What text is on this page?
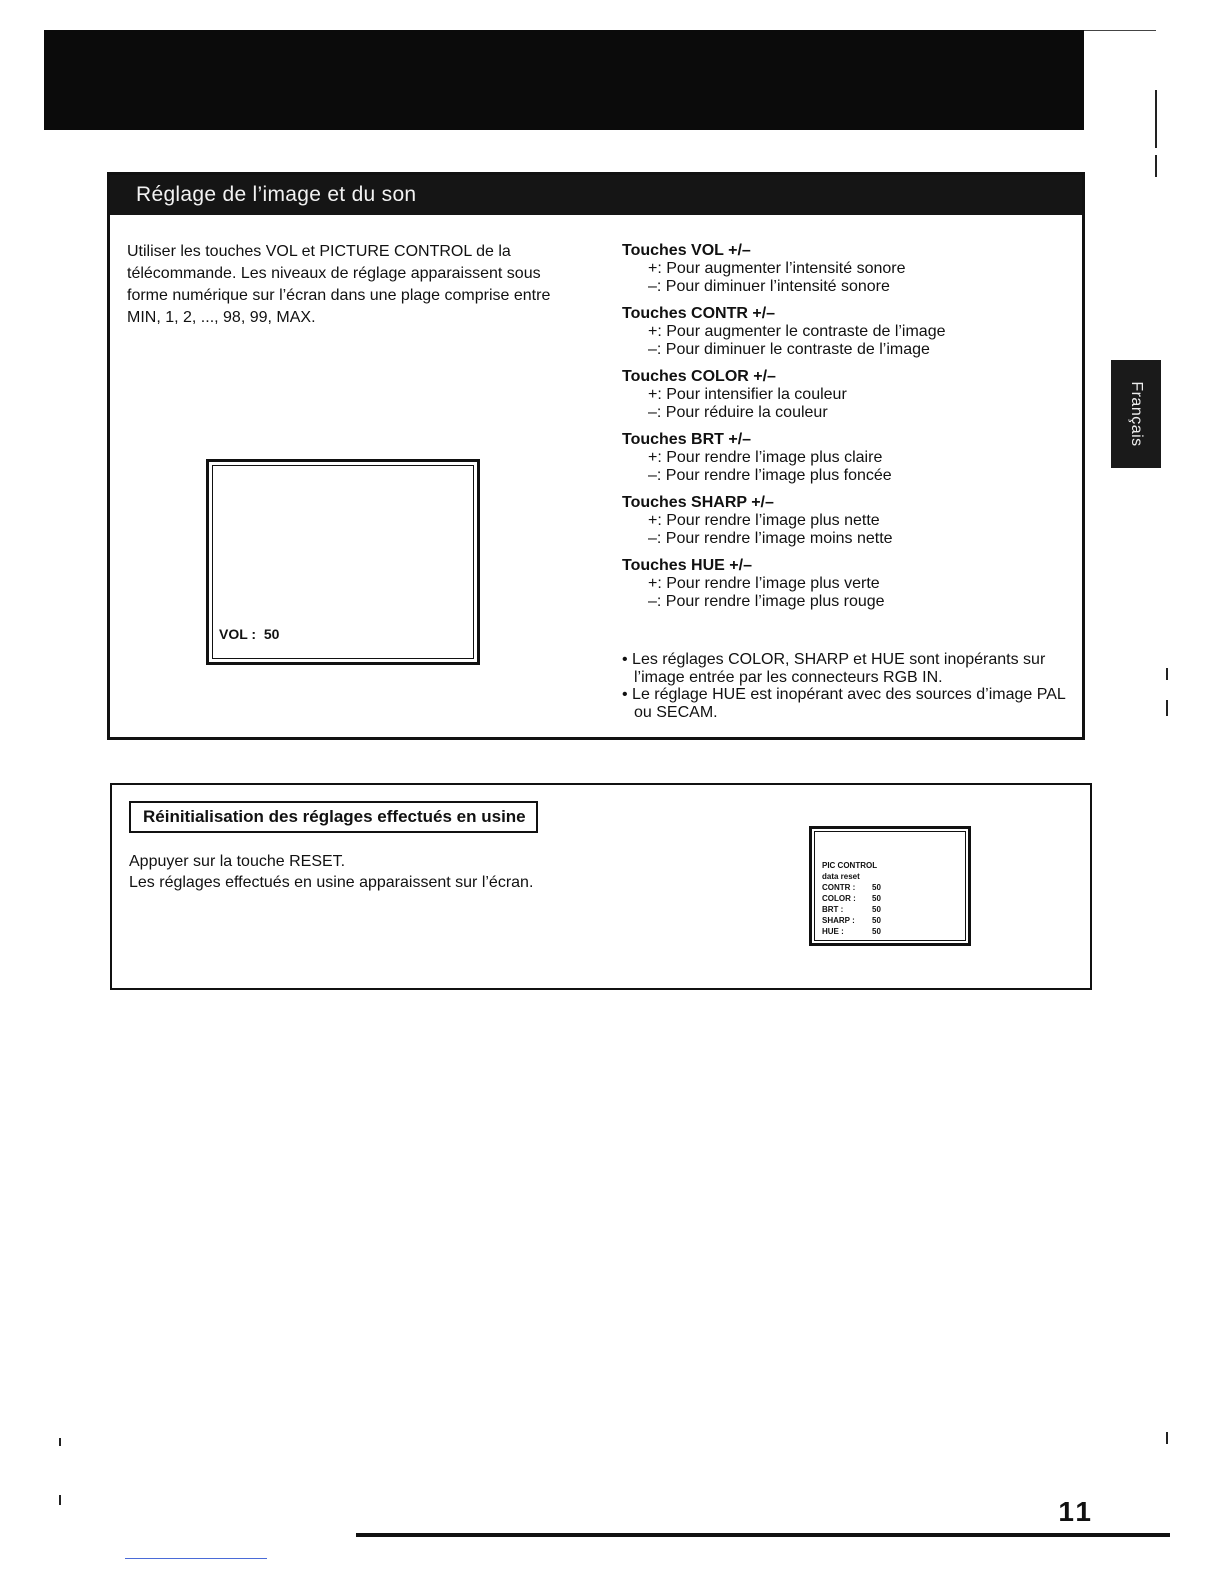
Réglage de l’image et du son

Utiliser les touches VOL et PICTURE CONTROL de la télécommande. Les niveaux de réglage apparaissent sous forme numérique sur l’écran dans une plage comprise entre MIN, 1, 2, ..., 98, 99, MAX.

VOL :  50
Touches VOL +/–
+: Pour augmenter l’intensité sonore
–: Pour diminuer l’intensité sonore
Touches CONTR +/–
+: Pour augmenter le contraste de l’image
–: Pour diminuer le contraste de l’image
Touches COLOR +/–
+: Pour intensifier la couleur
–: Pour réduire la couleur
Touches BRT +/–
+: Pour rendre l’image plus claire
–: Pour rendre l’image plus foncée
Touches SHARP +/–
+: Pour rendre l’image plus nette
–: Pour rendre l’image moins nette
Touches HUE +/–
+: Pour rendre l’image plus verte
–: Pour rendre l’image plus rouge
• Les réglages COLOR, SHARP et HUE sont inopérants sur l’image entrée par les connecteurs RGB IN.
• Le réglage HUE est inopérant avec des sources d’image PAL ou SECAM.
Français
Réinitialisation des réglages effectués en usine
Appuyer sur la touche RESET.
Les réglages effectués en usine apparaissent sur l’écran.
PIC CONTROL
data reset
CONTR : 50
COLOR : 50
BRT :	50
SHARP : 50
HUE :	50
11
